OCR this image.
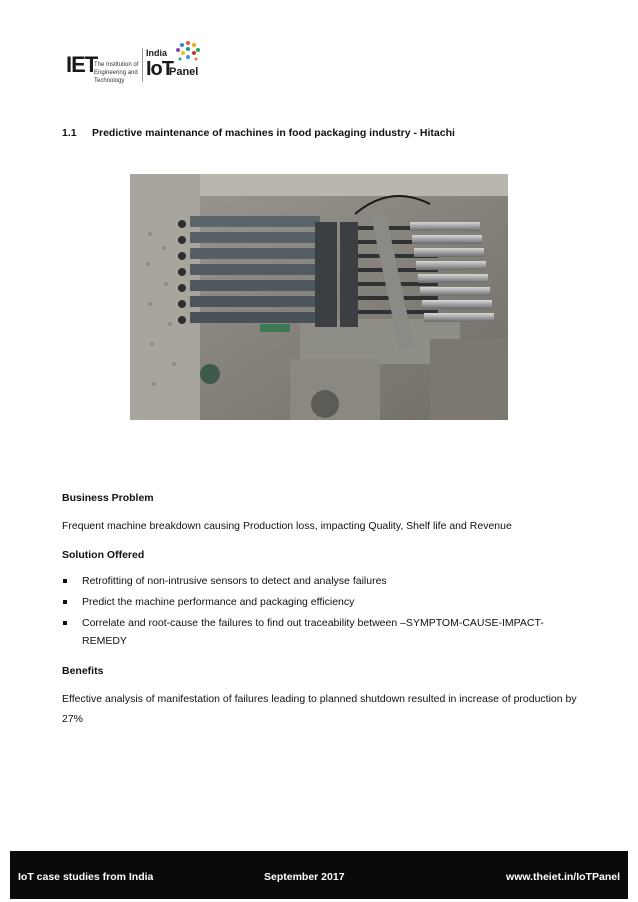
IET
The Institution of
Engineering and Technology
India
IoT
Panel
1.1 Predictive maintenance of machines in food packaging industry - Hitachi
Business Problem
Frequent machine breakdown causing Production loss, impacting Quality, Shelf life and Revenue
Solution Offered
Retrofitting of non-intrusive sensors to detect and analyse failures
Predict the machine performance and packaging efficiency
Correlate and root-cause the failures to find out traceability between –SYMPTOM-CAUSE-IMPACT-REMEDY
Benefits
Effective analysis of manifestation of failures leading to planned shutdown resulted in increase of production by 27%
IoT case studies from India	September 2017	www.theiet.in/IoTPanel
